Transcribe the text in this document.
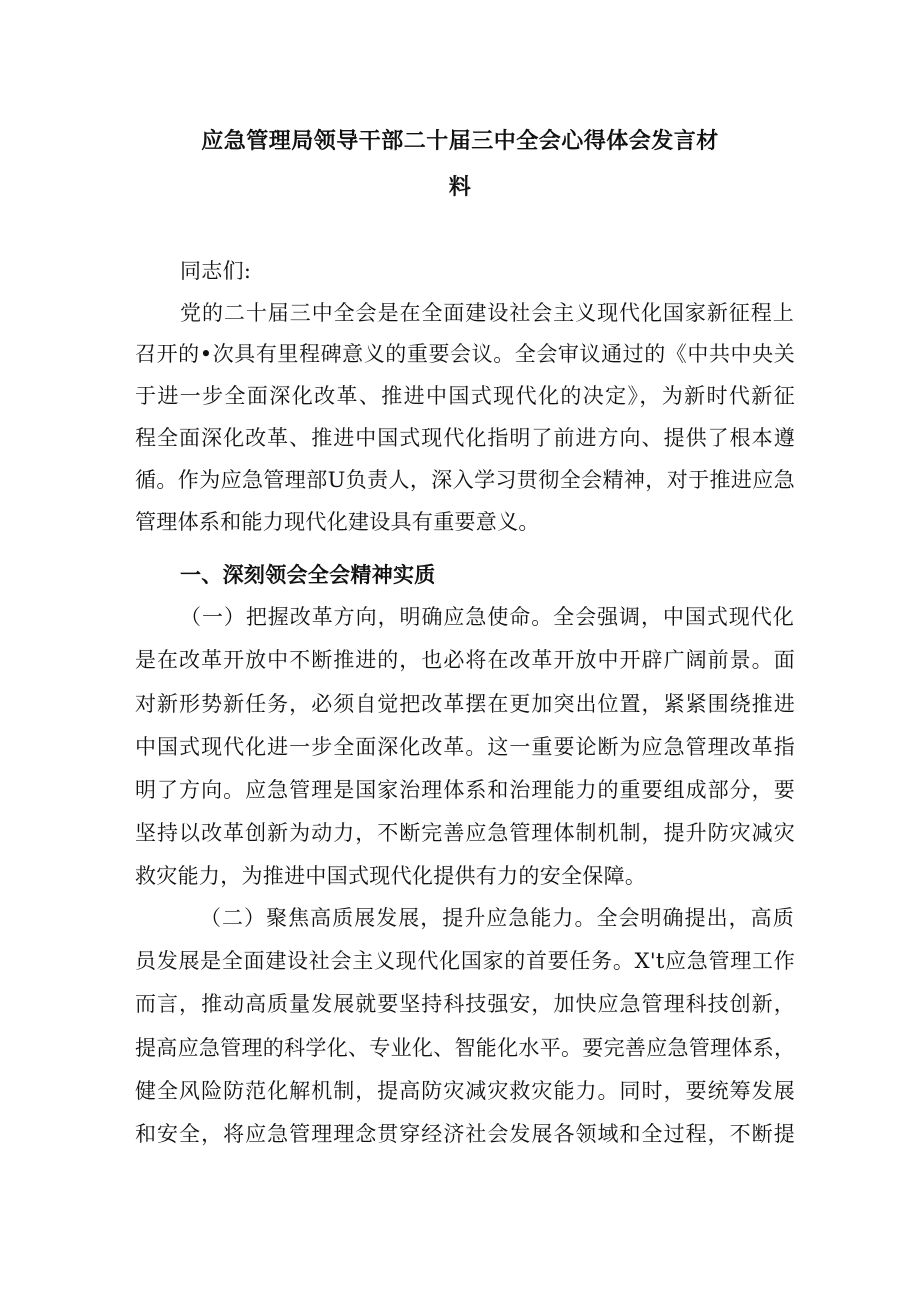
应急管理局领导干部二十届三中全会心得体会发言材
料
同志们:
党的二十届三中全会是在全面建设社会主义现代化国家新征程上
召开的•次具有里程碑意义的重要会议。全会审议通过的《中共中央关
于进一步全面深化改革、推进中国式现代化的决定》，为新时代新征
程全面深化改革、推进中国式现代化指明了前进方向、提供了根本遵
循。作为应急管理部U负责人，深入学习贯彻全会精神，对于推进应急
管理体系和能力现代化建设具有重要意义。
一、深刻领会全会精神实质
（一）把握改革方向，明确应急使命。全会强调，中国式现代化
是在改革开放中不断推进的，也必将在改革开放中开辟广阔前景。面
对新形势新任务，必须自觉把改革摆在更加突出位置，紧紧围绕推进
中国式现代化进一步全面深化改革。这一重要论断为应急管理改革指
明了方向。应急管理是国家治理体系和治理能力的重要组成部分，要
坚持以改革创新为动力，不断完善应急管理体制机制，提升防灾减灾
救灾能力，为推进中国式现代化提供有力的安全保障。
（二）聚焦高质展发展，提升应急能力。全会明确提出，高质
员发展是全面建设社会主义现代化国家的首要任务。X't应急管理工作
而言，推动高质量发展就要坚持科技强安，加快应急管理科技创新，
提高应急管理的科学化、专业化、智能化水平。要完善应急管理体系，
健全风险防范化解机制，提高防灾减灾救灾能力。同时，要统筹发展
和安全，将应急管理理念贯穿经济社会发展各领域和全过程，不断提
